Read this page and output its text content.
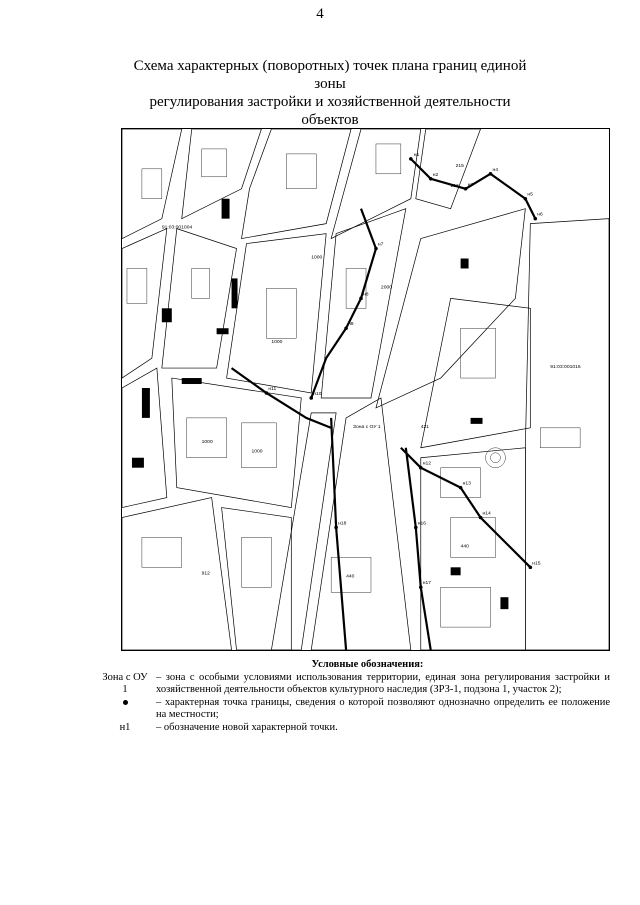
4
Схема характерных (поворотных) точек плана границ единой зоны
регулирования застройки и хозяйственной деятельности объектов
91:03:001004
91:03:001016
215
1000
1000
2000
1000
1000
912	440
216
440
421
н1
н2
н3
н4
н5
н6
н7
н8
н9
н10
н11
н12
н13
н14
н15
н16
н17
н18
Зона с ОУ 1
Условные обозначения:
Зона с ОУ 1
– зона с особыми условиями использования территории, единая зона регулирования застройки и хозяйственной деятельности объектов культурного наследия (ЗРЗ-1, подзона 1, участок 2);
– характерная точка границы, сведения о которой позволяют однозначно определить ее положение на местности;
н1	– обозначение новой характерной точки.
